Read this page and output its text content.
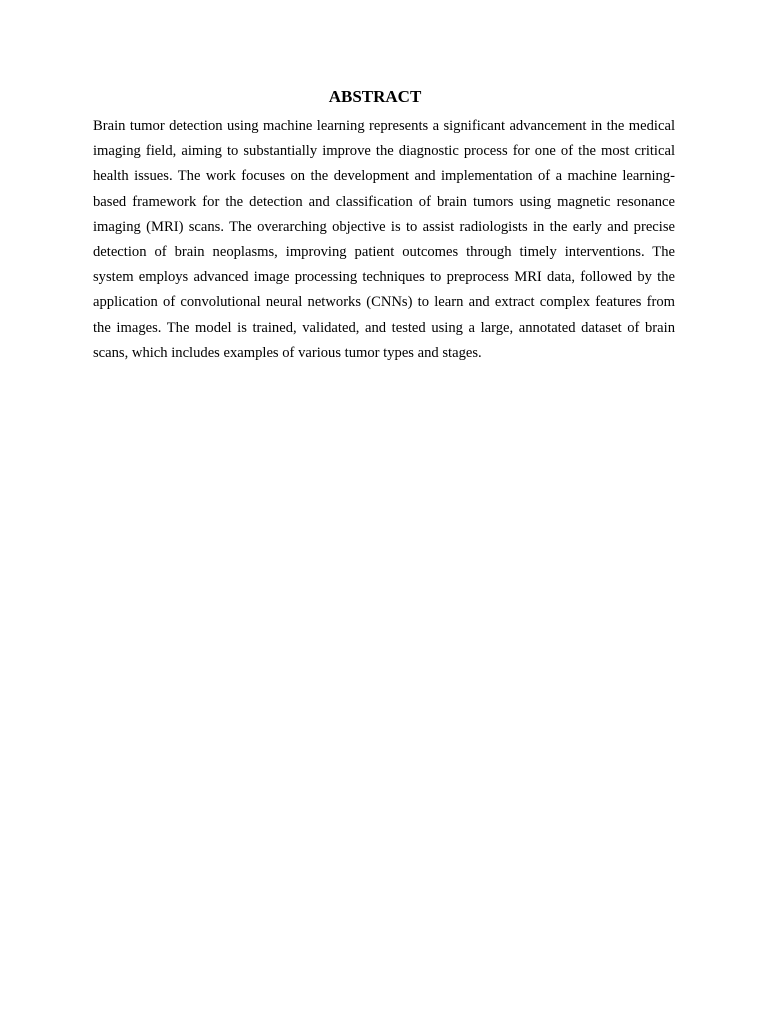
ABSTRACT

Brain tumor detection using machine learning represents a significant advancement in the medical imaging field, aiming to substantially improve the diagnostic process for one of the most critical health issues. The work focuses on the development and implementation of a machine learning-based framework for the detection and classification of brain tumors using magnetic resonance imaging (MRI) scans. The overarching objective is to assist radiologists in the early and precise detection of brain neoplasms, improving patient outcomes through timely interventions. The system employs advanced image processing techniques to preprocess MRI data, followed by the application of convolutional neural networks (CNNs) to learn and extract complex features from the images. The model is trained, validated, and tested using a large, annotated dataset of brain scans, which includes examples of various tumor types and stages.
